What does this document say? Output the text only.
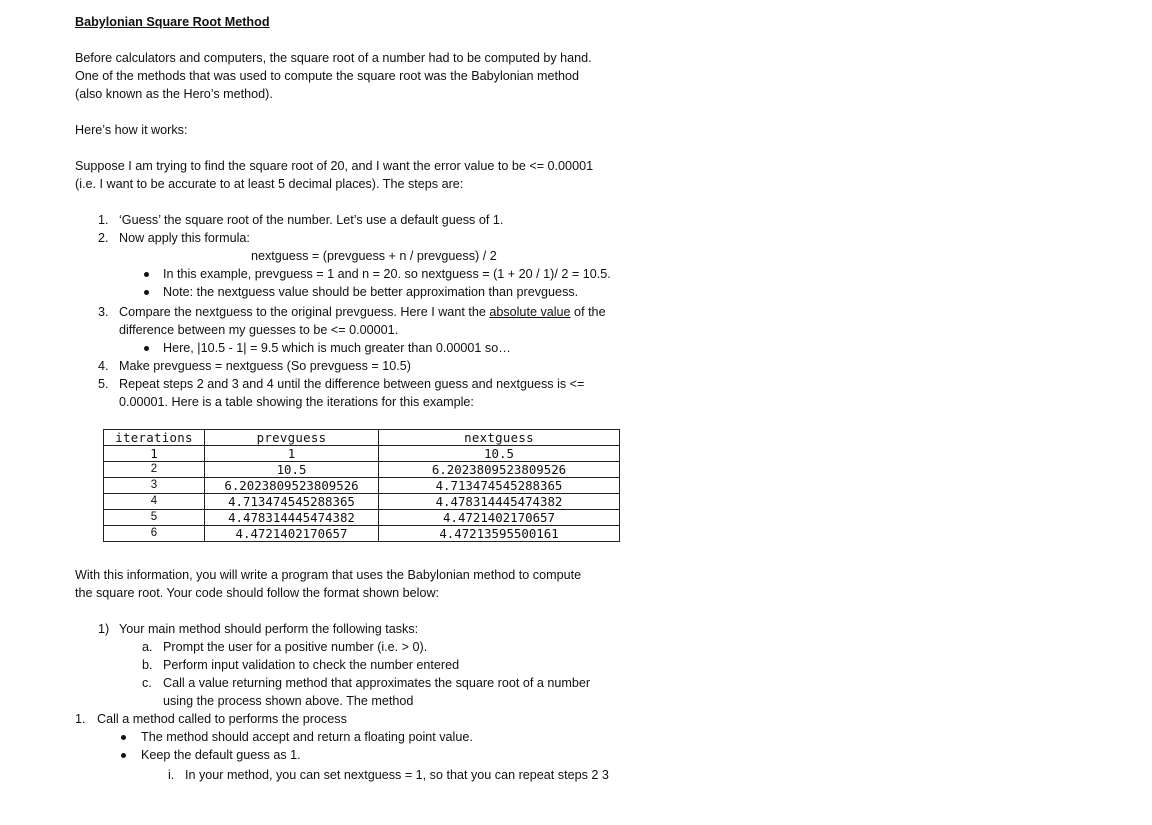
Babylonian Square Root Method
Before calculators and computers, the square root of a number had to be computed by hand.
One of the methods that was used to compute the square root was the Babylonian method
(also known as the Hero’s method).
Here’s how it works:
Suppose I am trying to find the square root of 20, and I want the error value to be <= 0.00001
(i.e. I want to be accurate to at least 5 decimal places). The steps are:
1. ‘Guess’ the square root of the number. Let’s use a default guess of 1.
2. Now apply this formula:
nextguess = (prevguess + n / prevguess) / 2
In this example, prevguess = 1 and n = 20. so nextguess = (1 + 20 / 1)/ 2 = 10.5.
Note: the nextguess value should be better approximation than prevguess.
3. Compare the nextguess to the original prevguess. Here I want the absolute value of the
difference between my guesses to be <= 0.00001.
Here, |10.5 - 1| = 9.5 which is much greater than 0.00001 so…
4. Make prevguess = nextguess (So prevguess = 10.5)
5. Repeat steps 2 and 3 and 4 until the difference between guess and nextguess is <=
0.00001. Here is a table showing the iterations for this example:
iterations	prevguess	nextguess
1	1	10.5
2	10.5	6.2023809523809526
3	6.2023809523809526	4.713474545288365
4	4.713474545288365	4.478314445474382
5	4.478314445474382	4.4721402170657
6	4.4721402170657	4.47213595500161
With this information, you will write a program that uses the Babylonian method to compute
the square root. Your code should follow the format shown below:
1) Your main method should perform the following tasks:
a. Prompt the user for a positive number (i.e. > 0).
b. Perform input validation to check the number entered
c. Call a value returning method that approximates the square root of a number
using the process shown above. The method
1. Call a method called to performs the process
The method should accept and return a floating point value.
Keep the default guess as 1.
i. In your method, you can set nextguess = 1, so that you can repeat steps 2 3
